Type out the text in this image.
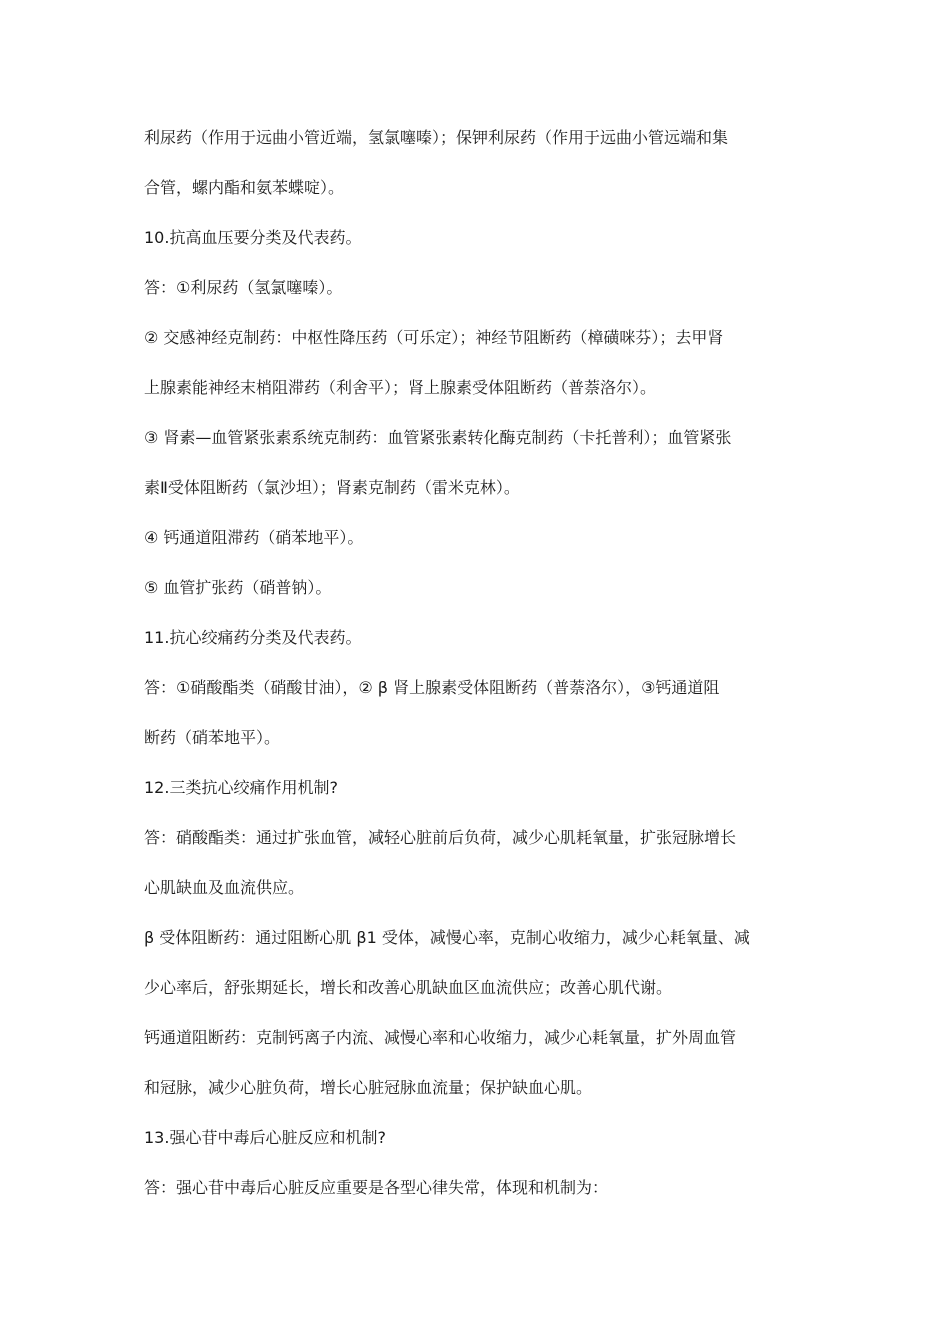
利尿药（作用于远曲小管近端，氢氯噻嗪）；保钾利尿药（作用于远曲小管远端和集
合管，螺内酯和氨苯蝶啶）。
10.抗高血压要分类及代表药。
答：①利尿药（氢氯噻嗪）。
② 交感神经克制药：中枢性降压药（可乐定）；神经节阻断药（樟磺咪芬）；去甲肾
上腺素能神经末梢阻滞药（利舍平）；肾上腺素受体阻断药（普萘洛尔）。
③ 肾素—血管紧张素系统克制药：血管紧张素转化酶克制药（卡托普利）；血管紧张
素Ⅱ受体阻断药（氯沙坦）；肾素克制药（雷米克林）。
④ 钙通道阻滞药（硝苯地平）。
⑤ 血管扩张药（硝普钠）。
11.抗心绞痛药分类及代表药。
答：①硝酸酯类（硝酸甘油），② β 肾上腺素受体阻断药（普萘洛尔），③钙通道阻
断药（硝苯地平）。
12.三类抗心绞痛作用机制?
答：硝酸酯类：通过扩张血管，减轻心脏前后负荷，减少心肌耗氧量，扩张冠脉增长
心肌缺血及血流供应。
β 受体阻断药：通过阻断心肌 β1 受体，减慢心率，克制心收缩力，减少心耗氧量、减
少心率后，舒张期延长，增长和改善心肌缺血区血流供应；改善心肌代谢。
钙通道阻断药：克制钙离子内流、减慢心率和心收缩力，减少心耗氧量，扩外周血管
和冠脉，减少心脏负荷，增长心脏冠脉血流量；保护缺血心肌。
13.强心苷中毒后心脏反应和机制?
答：强心苷中毒后心脏反应重要是各型心律失常，体现和机制为：
